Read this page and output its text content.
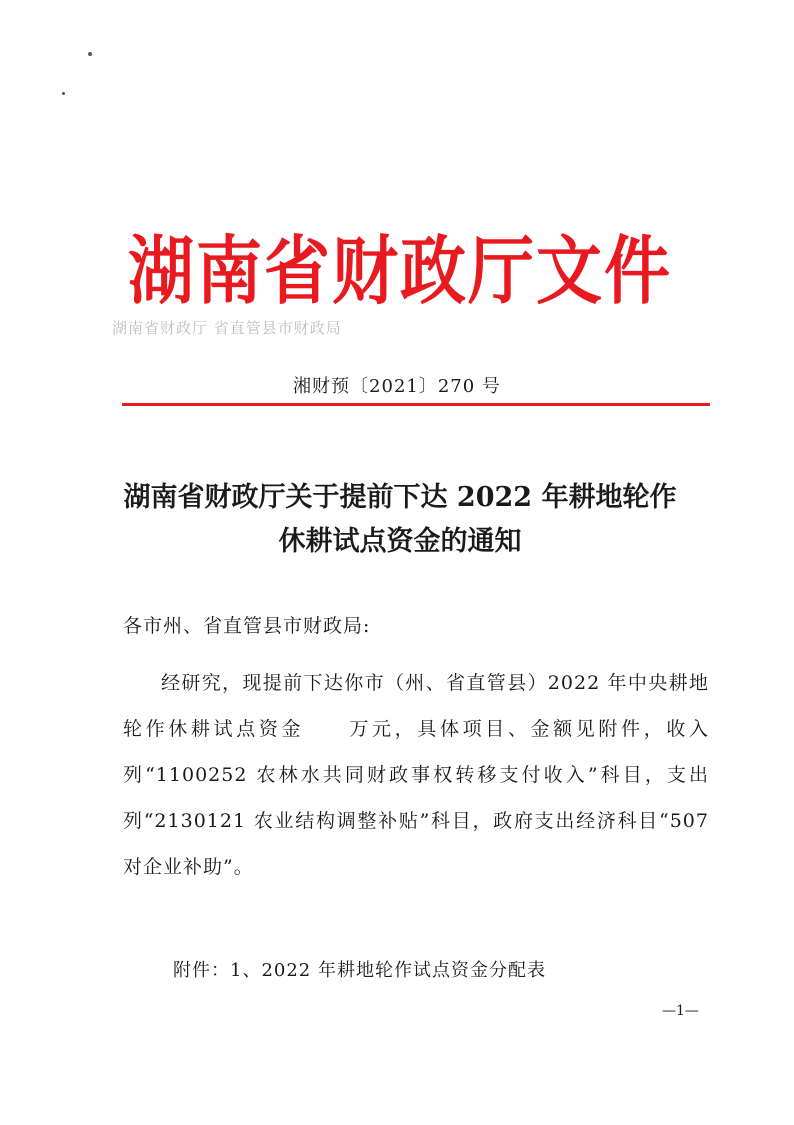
湖南省财政厅文件
湖南省财政厅 省直管县市财政局
湘财预〔2021〕270 号
湖南省财政厅关于提前下达 2022 年耕地轮作
休耕试点资金的通知
各市州、省直管县市财政局:
经研究，现提前下达你市（州、省直管县）2022 年中央耕地轮作休耕试点资金　　万元，具体项目、金额见附件，收入列“1100252 农林水共同财政事权转移支付收入”科目，支出列“2130121 农业结构调整补贴”科目，政府支出经济科目“507 对企业补助”。
附件：1、2022 年耕地轮作试点资金分配表
—1—
